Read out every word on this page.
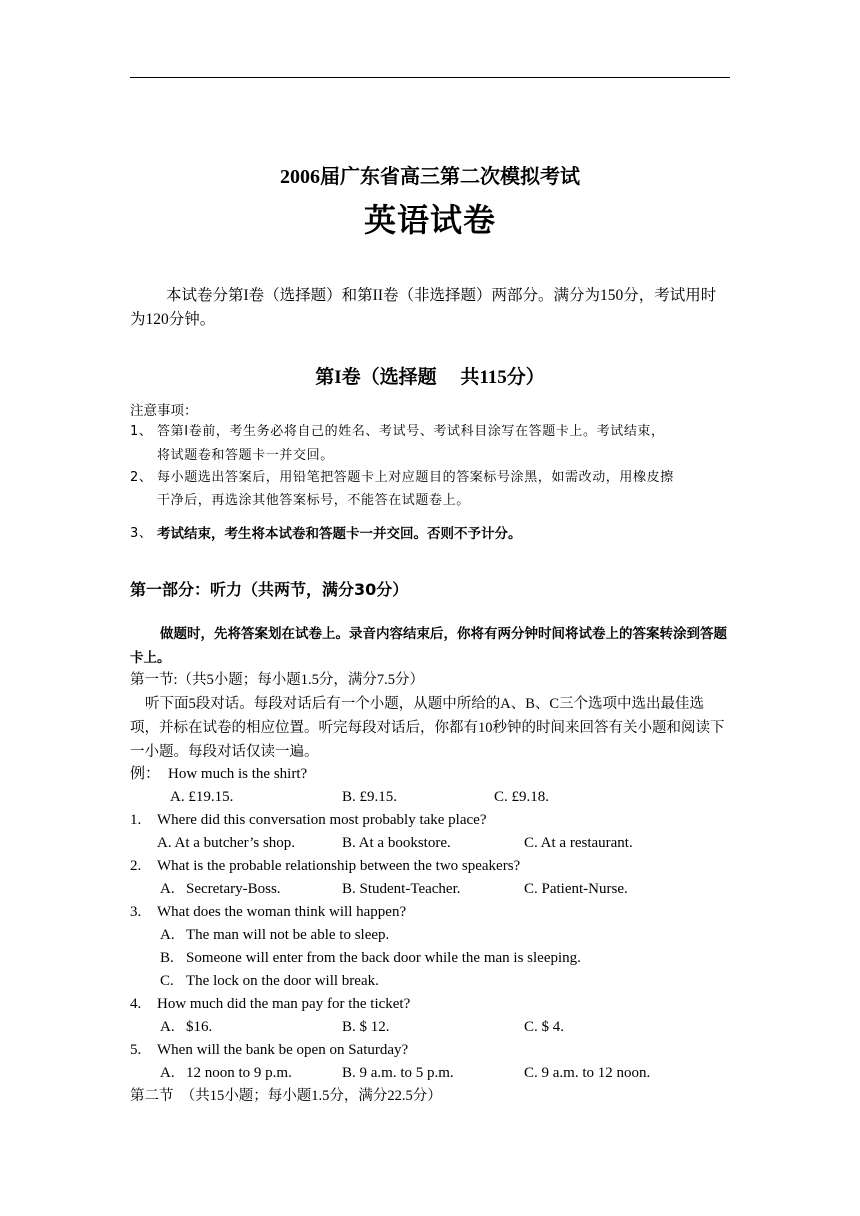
2006届广东省高三第二次模拟考试
英语试卷
本试卷分第I卷（选择题）和第II卷（非选择题）两部分。满分为150分，考试用时为120分钟。
第I卷（选择题　 共115分）
注意事项：
1、 答第I卷前，考生务必将自己的姓名、考试号、考试科目涂写在答题卡上。考试结束，
将试题卷和答题卡一并交回。
2、 每小题选出答案后，用铅笔把答题卡上对应题目的答案标号涂黑，如需改动，用橡皮擦
干净后，再选涂其他答案标号，不能答在试题卷上。
3、 考试结束，考生将本试卷和答题卡一并交回。否则不予计分。
第一部分：听力（共两节，满分30分）
做题时，先将答案划在试卷上。录音内容结束后，你将有两分钟时间将试卷上的答案转涂到答题卡上。
第一节:（共5小题；每小题1.5分，满分7.5分）
听下面5段对话。每段对话后有一个小题，从题中所给的A、B、C三个选项中选出最佳选项，并标在试卷的相应位置。听完每段对话后，你都有10秒钟的时间来回答有关小题和阅读下一小题。每段对话仅读一遍。
例： How much is the shirt?
A. £19.15.	B. £9.15.	C. £9.18.
1. Where did this conversation most probably take place?
A. At a butcher’s shop.	B. At a bookstore.	C. At a restaurant.
2. What is the probable relationship between the two speakers?
A. Secretary-Boss.	B. Student-Teacher.	C. Patient-Nurse.
3. What does the woman think will happen?
A. The man will not be able to sleep.
B. Someone will enter from the back door while the man is sleeping.
C. The lock on the door will break.
4. How much did the man pay for the ticket?
A. $16.	B. $ 12.	C. $ 4.
5. When will the bank be open on Saturday?
A. 12 noon to 9 p.m.	B. 9 a.m. to 5 p.m.	C. 9 a.m. to 12 noon.
第二节　（共15小题；每小题1.5分，满分22.5分）
